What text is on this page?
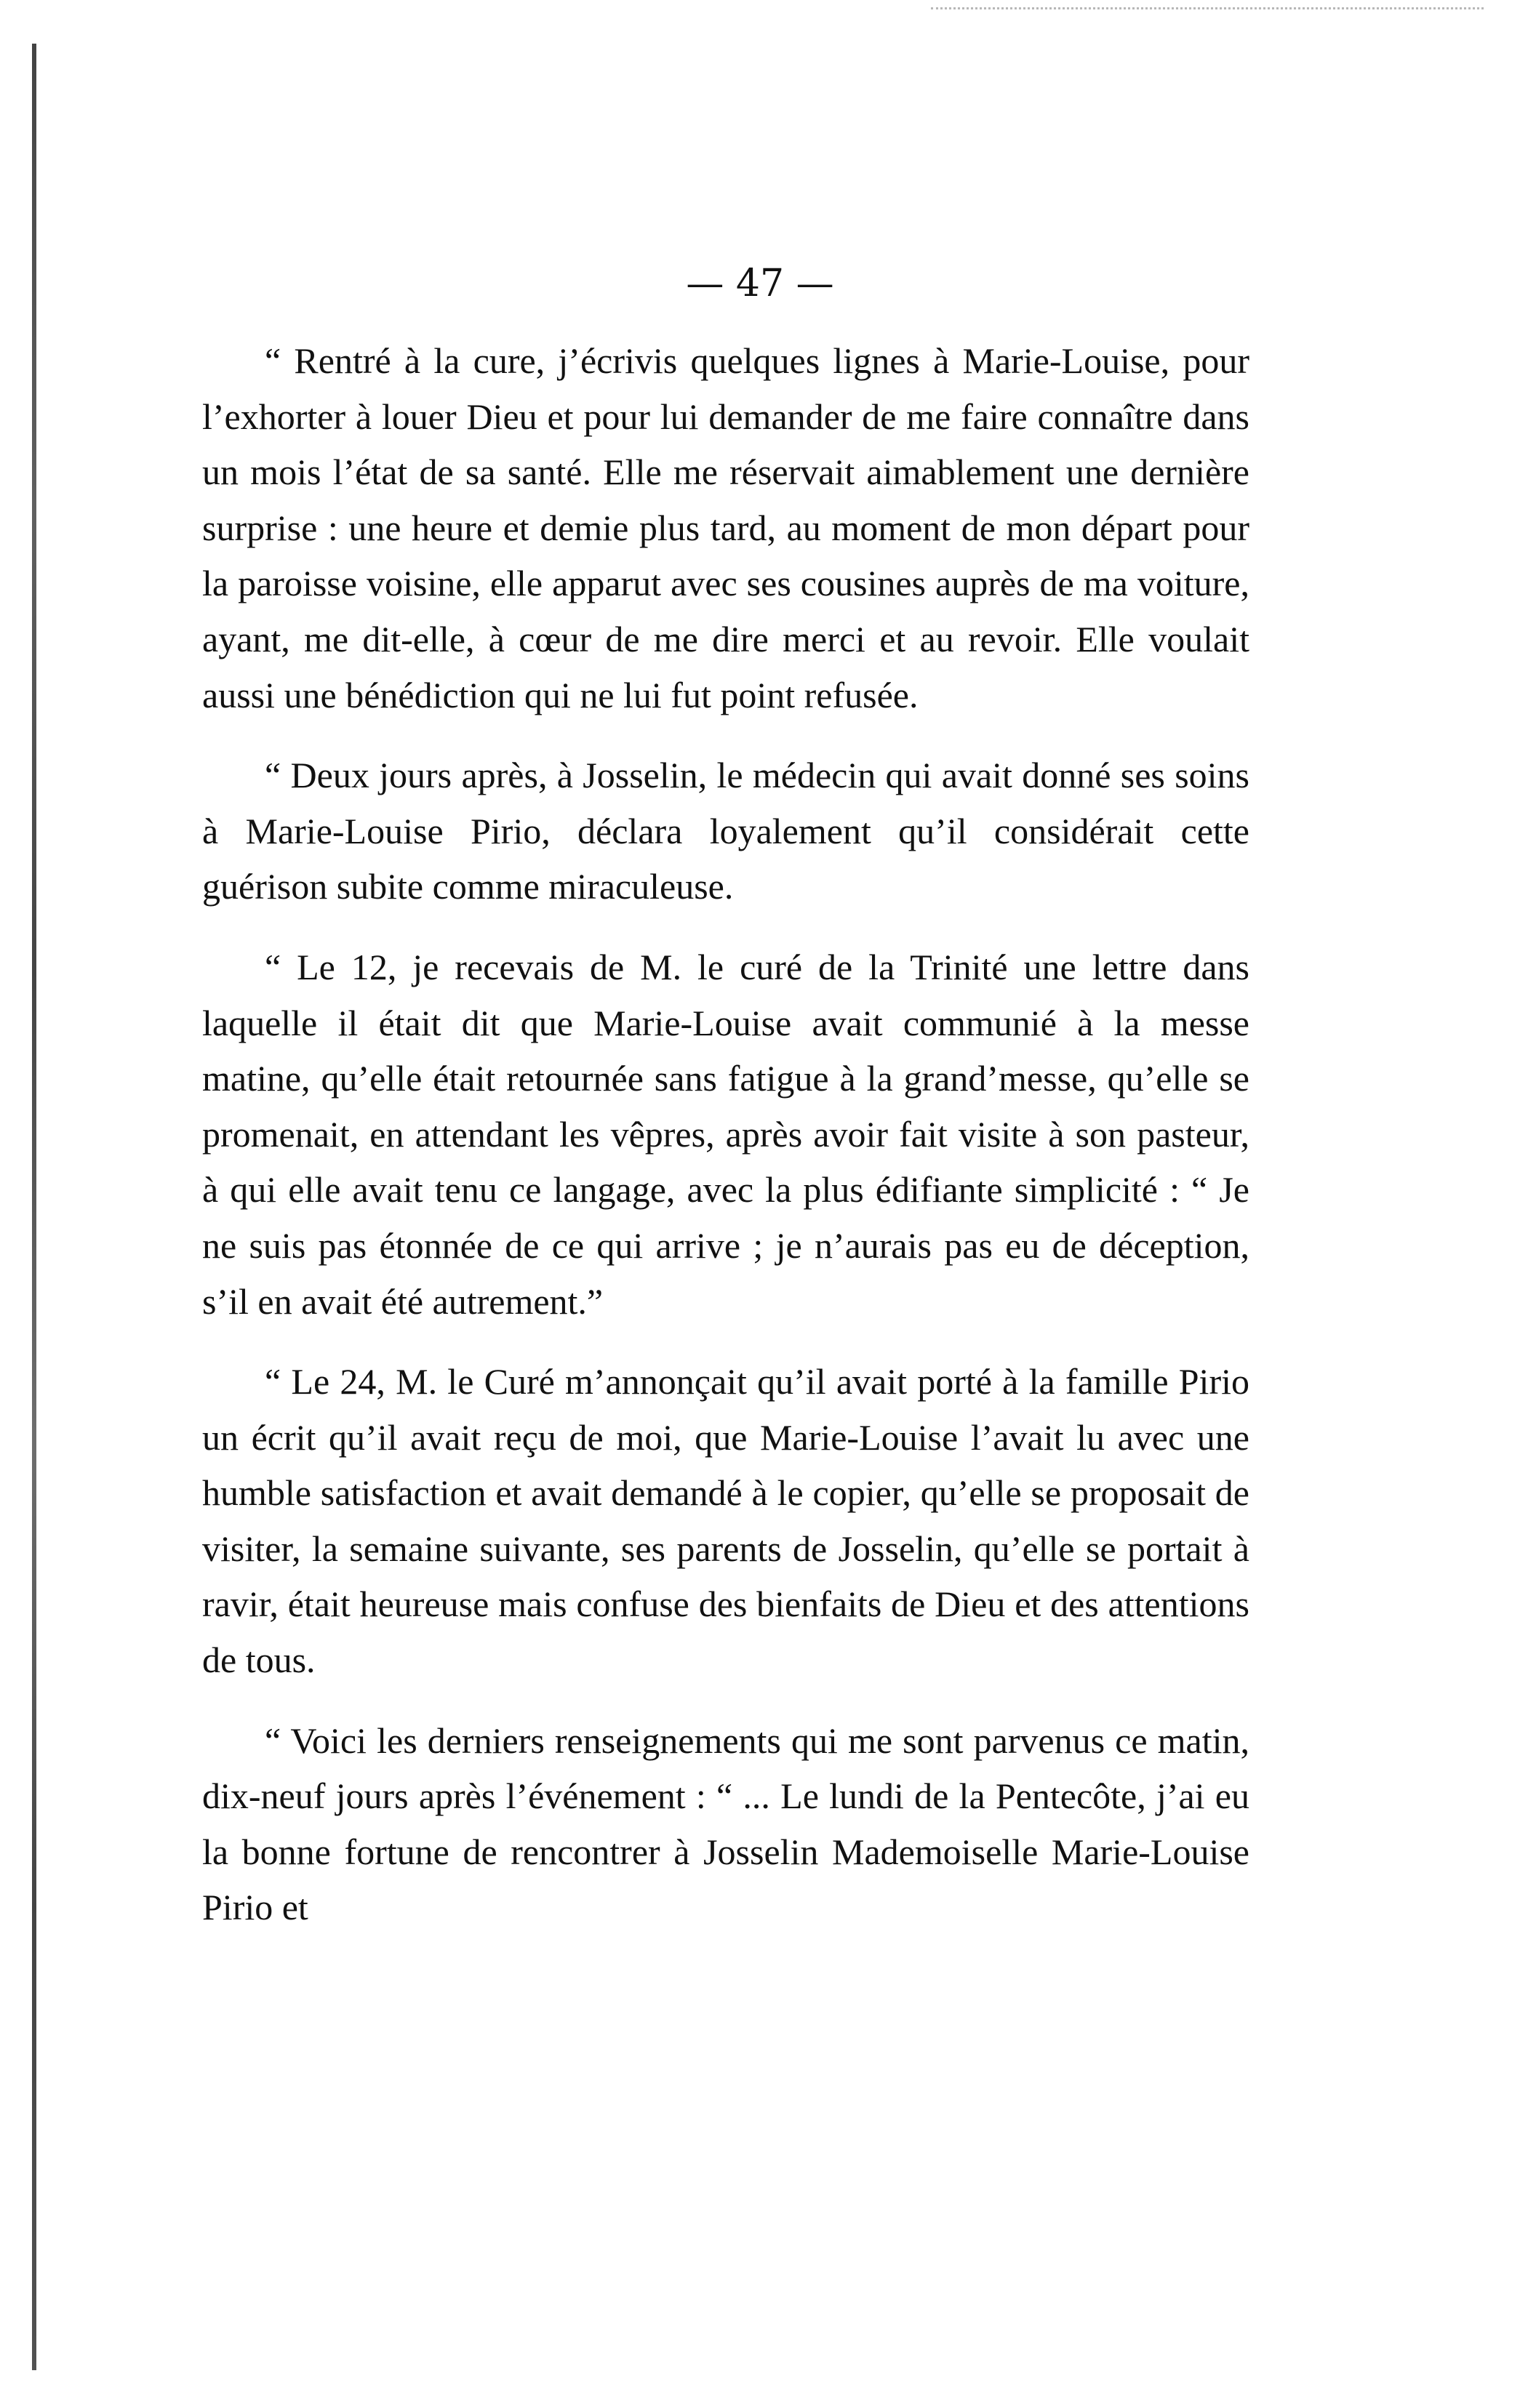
— 47 —

“ Rentré à la cure, j’écrivis quelques lignes à Marie-Louise, pour l’exhorter à louer Dieu et pour lui demander de me faire connaître dans un mois l’état de sa santé. Elle me réservait aimablement une dernière surprise : une heure et demie plus tard, au moment de mon départ pour la paroisse voisine, elle apparut avec ses cousines auprès de ma voiture, ayant, me dit-elle, à cœur de me dire merci et au revoir. Elle voulait aussi une bénédiction qui ne lui fut point refusée.

“ Deux jours après, à Josselin, le médecin qui avait donné ses soins à Marie-Louise Pirio, déclara loyalement qu’il considérait cette guérison subite comme miraculeuse.

“ Le 12, je recevais de M. le curé de la Trinité une lettre dans laquelle il était dit que Marie-Louise avait communié à la messe matine, qu’elle était retournée sans fatigue à la grand’messe, qu’elle se promenait, en attendant les vêpres, après avoir fait visite à son pasteur, à qui elle avait tenu ce langage, avec la plus édifiante simplicité : “ Je ne suis pas étonnée de ce qui arrive ; je n’aurais pas eu de déception, s’il en avait été autrement.”

“ Le 24, M. le Curé m’annonçait qu’il avait porté à la famille Pirio un écrit qu’il avait reçu de moi, que Marie-Louise l’avait lu avec une humble satisfaction et avait demandé à le copier, qu’elle se proposait de visiter, la semaine suivante, ses parents de Josselin, qu’elle se portait à ravir, était heureuse mais confuse des bienfaits de Dieu et des attentions de tous.

“ Voici les derniers renseignements qui me sont parvenus ce matin, dix-neuf jours après l’événement : “ ... Le lundi de la Pentecôte, j’ai eu la bonne fortune de rencontrer à Josselin Mademoiselle Marie-Louise Pirio et
